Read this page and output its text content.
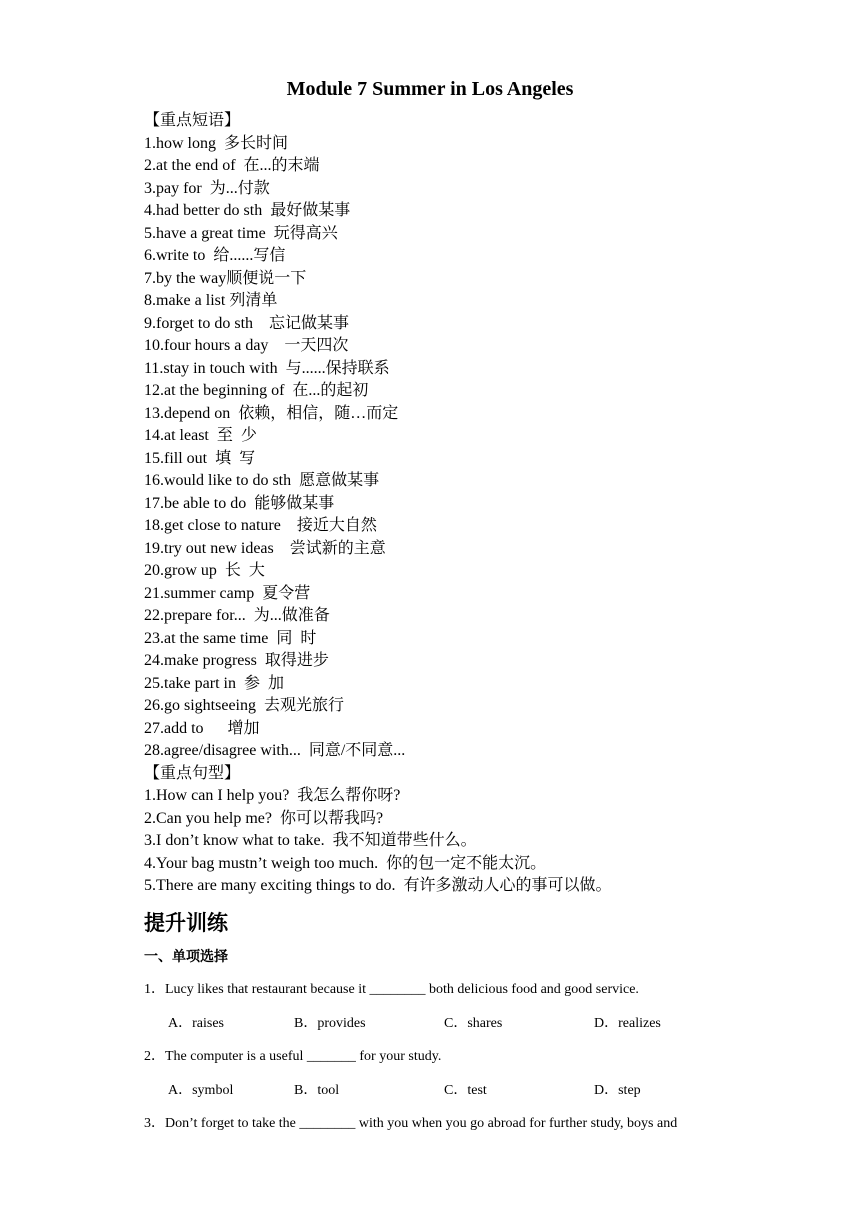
Module 7 Summer in Los Angeles
【重点短语】
1.how long  多长时间
2.at the end of  在...的末端
3.pay for  为...付款
4.had better do sth  最好做某事
5.have a great time  玩得高兴
6.write to  给......写信
7.by the way顺便说一下
8.make a list 列清单
9.forget to do sth    忘记做某事
10.four hours a day    一天四次
11.stay in touch with  与......保持联系
12.at the beginning of  在...的起初
13.depend on  依赖，相信，随…而定
14.at least  至  少
15.fill out  填  写
16.would like to do sth  愿意做某事
17.be able to do  能够做某事
18.get close to nature    接近大自然
19.try out new ideas    尝试新的主意
20.grow up  长  大
21.summer camp  夏令营
22.prepare for...  为...做准备
23.at the same time  同  时
24.make progress  取得进步
25.take part in  参  加
26.go sightseeing  去观光旅行
27.add to      增加
28.agree/disagree with...  同意/不同意...
【重点句型】
1.How can I help you?  我怎么帮你呀?
2.Can you help me?  你可以帮我吗?
3.I don’t know what to take.  我不知道带些什么。
4.Your bag mustn’t weigh too much.  你的包一定不能太沉。
5.There are many exciting things to do.  有许多激动人心的事可以做。
提升训练
一、单项选择
1．Lucy likes that restaurant because it ________ both delicious food and good service.
A．raises	B．provides	C．shares	D．realizes
2．The computer is a useful _______ for your study.
A．symbol	B．tool	C．test	D．step
3．Don’t forget to take the ________ with you when you go abroad for further study, boys and
